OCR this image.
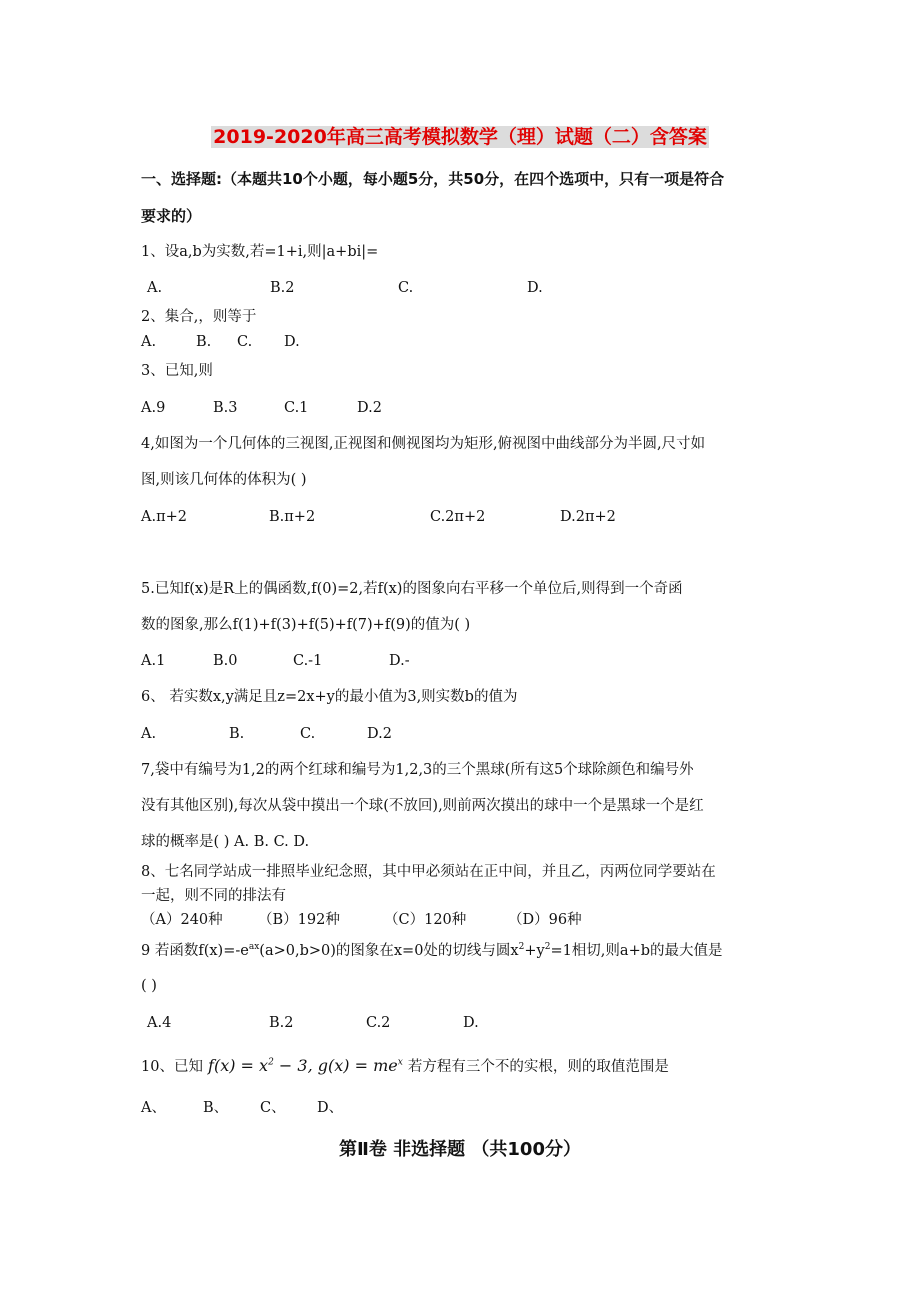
2019-2020年高三高考模拟数学（理）试题（二）含答案
一、选择题:（本题共10个小题，每小题5分，共50分，在四个选项中，只有一项是符合
要求的）
1、设a,b为实数,若=1+i,则|a+bi|=
A.	B.2	C.	D.
2、集合,，则等于
A.	B. C. D.
3、已知,则
A.9	B.3	C.1	D.2
4,如图为一个几何体的三视图,正视图和侧视图均为矩形,俯视图中曲线部分为半圆,尺寸如
图,则该几何体的体积为( )
A.π+2	B.π+2	C.2π+2	D.2π+2
5.已知f(x)是R上的偶函数,f(0)=2,若f(x)的图象向右平移一个单位后,则得到一个奇函
数的图象,那么f(1)+f(3)+f(5)+f(7)+f(9)的值为( )
A.1	B.0	C.-1	D.-
6、 若实数x,y满足且z=2x+y的最小值为3,则实数b的值为
A.	B.	C.	D.2
7,袋中有编号为1,2的两个红球和编号为1,2,3的三个黑球(所有这5个球除颜色和编号外
没有其他区别),每次从袋中摸出一个球(不放回),则前两次摸出的球中一个是黑球一个是红
球的概率是( ) A. B. C. D.
8、七名同学站成一排照毕业纪念照，其中甲必须站在正中间，并且乙，丙两位同学要站在
一起，则不同的排法有
（A）240种 （B）192种	（C）120种	（D）96种
9 若函数$f(x)=-e^{ax}(a>0,b>0)$的图象在x=0处的切线与圆$x^2+y^2=1$相切,则a+b的最大值是
( )
A.4	B.2	C.2	D.
10、已知 $f(x) = x^2 - 3$, $g(x) = me^x$ 若方程有三个不的实根，则的取值范围是
A、	B、 C、 D、
第Ⅱ卷 非选择题 （共100分）
